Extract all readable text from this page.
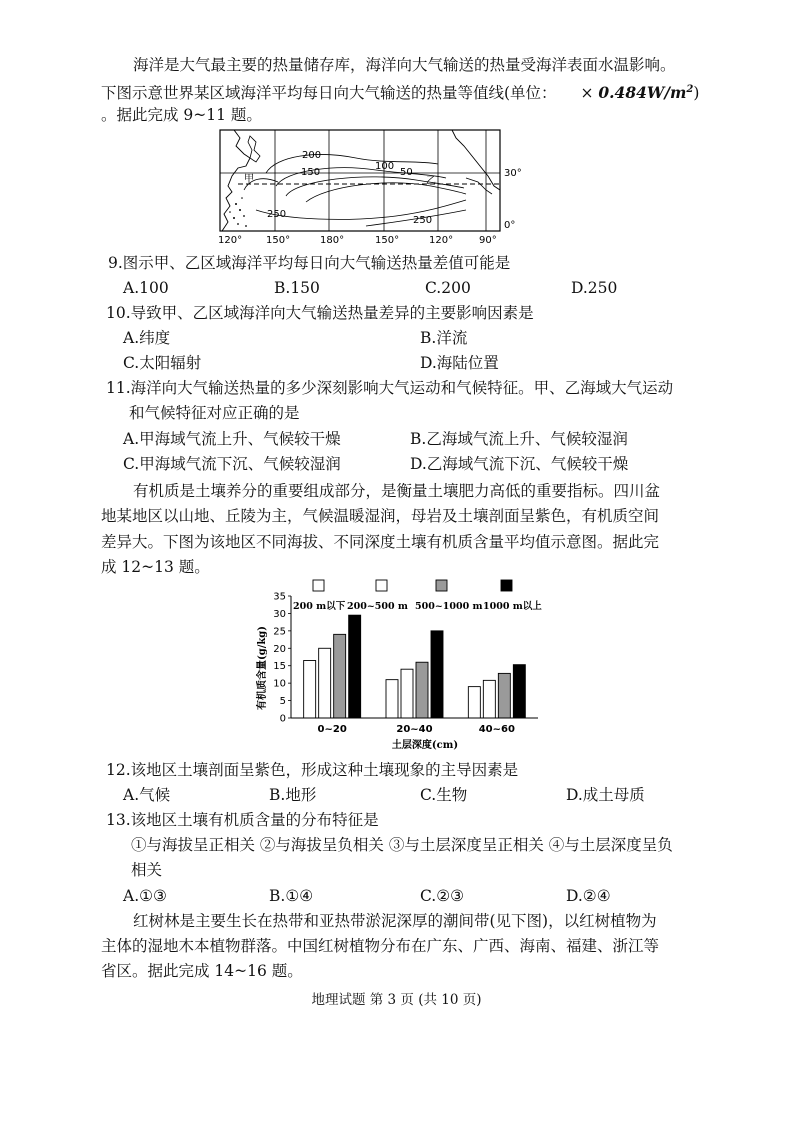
海洋是大气最主要的热量储存库，海洋向大气输送的热量受海洋表面水温影响。
下图示意世界某区域海洋平均每日向大气输送的热量等值线(单位： × $0.484W/m^2$)
。据此完成 9~11 题。
200
150
100
50
250
250
甲	乙
30°
0°
120° 150°	180°	150°	120°	90°
9.图示甲、乙区域海洋平均每日向大气输送热量差值可能是
A.100	B.150	C.200	D.250
10.导致甲、乙区域海洋向大气输送热量差异的主要影响因素是
A.纬度	B.洋流
C.太阳辐射	D.海陆位置
11.海洋向大气输送热量的多少深刻影响大气运动和气候特征。甲、乙海域大气运动
和气候特征对应正确的是
A.甲海域气流上升、气候较干燥	B.乙海域气流上升、气候较湿润
C.甲海域气流下沉、气候较湿润	D.乙海域气流下沉、气候较干燥
有机质是土壤养分的重要组成部分，是衡量土壤肥力高低的重要指标。四川盆
地某地区以山地、丘陵为主，气候温暖湿润，母岩及土壤剖面呈紫色，有机质空间
差异大。下图为该地区不同海拔、不同深度土壤有机质含量平均值示意图。据此完
成 12~13 题。
200 m以下 200~500 m 500~1000 m 1000 m以上
0
5
10
15
20
25
30
35
0~20	20~40	40~60
有机质含量(g/kg)
土层深度(cm)
12.该地区土壤剖面呈紫色，形成这种土壤现象的主导因素是
A.气候	B.地形	C.生物	D.成土母质
13.该地区土壤有机质含量的分布特征是
①与海拔呈正相关 ②与海拔呈负相关 ③与土层深度呈正相关 ④与土层深度呈负
相关
A.①③	B.①④	C.②③	D.②④
红树林是主要生长在热带和亚热带淤泥深厚的潮间带(见下图)，以红树植物为
主体的湿地木本植物群落。中国红树植物分布在广东、广西、海南、福建、浙江等
省区。据此完成 14~16 题。
地理试题 第 3 页 (共 10 页)
